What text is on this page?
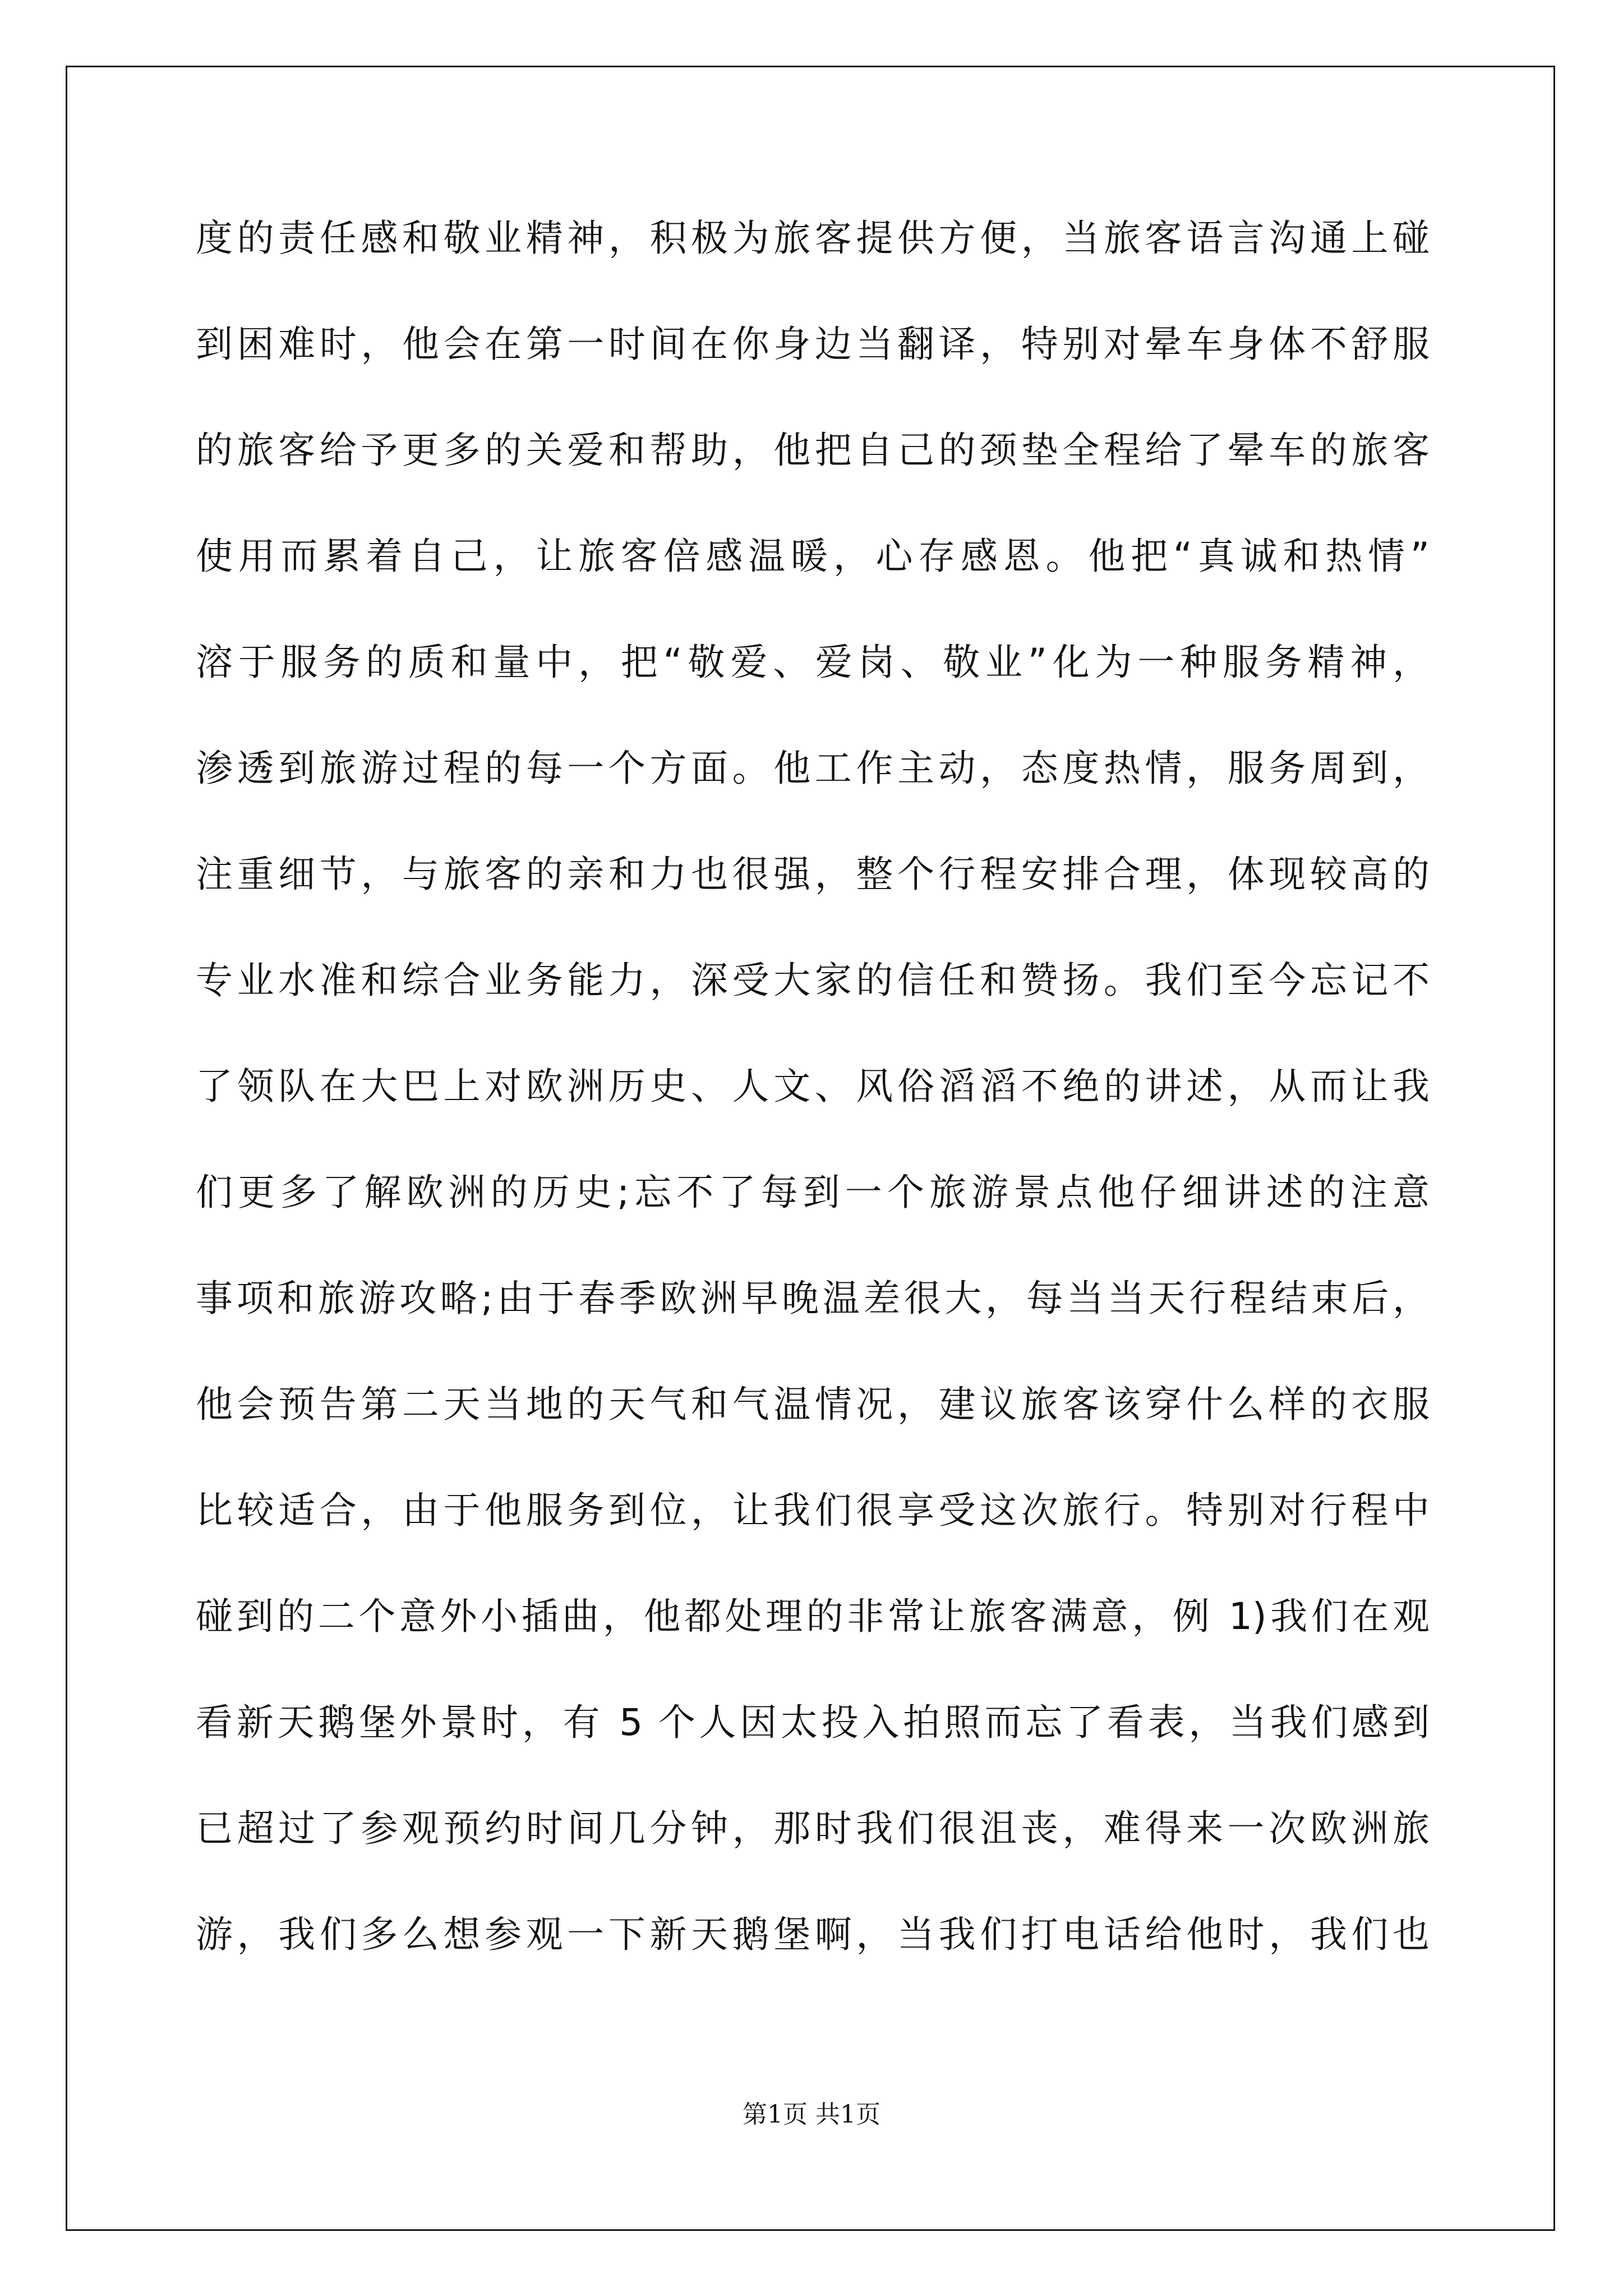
度的责任感和敬业精神，积极为旅客提供方便，当旅客语言沟通上碰
到困难时，他会在第一时间在你身边当翻译，特别对晕车身体不舒服
的旅客给予更多的关爱和帮助，他把自己的颈垫全程给了晕车的旅客
使用而累着自己，让旅客倍感温暖，心存感恩。他把“真诚和热情”
溶于服务的质和量中，把“敬爱、爱岗、敬业”化为一种服务精神，
渗透到旅游过程的每一个方面。他工作主动，态度热情，服务周到，
注重细节，与旅客的亲和力也很强，整个行程安排合理，体现较高的
专业水准和综合业务能力，深受大家的信任和赞扬。我们至今忘记不
了领队在大巴上对欧洲历史、人文、风俗滔滔不绝的讲述，从而让我
们更多了解欧洲的历史;忘不了每到一个旅游景点他仔细讲述的注意
事项和旅游攻略;由于春季欧洲早晚温差很大，每当当天行程结束后，
他会预告第二天当地的天气和气温情况，建议旅客该穿什么样的衣服
比较适合，由于他服务到位，让我们很享受这次旅行。特别对行程中
碰到的二个意外小插曲，他都处理的非常让旅客满意，例 1)我们在观
看新天鹅堡外景时，有 5 个人因太投入拍照而忘了看表，当我们感到
已超过了参观预约时间几分钟，那时我们很沮丧，难得来一次欧洲旅
游，我们多么想参观一下新天鹅堡啊，当我们打电话给他时，我们也
第1页 共1页
